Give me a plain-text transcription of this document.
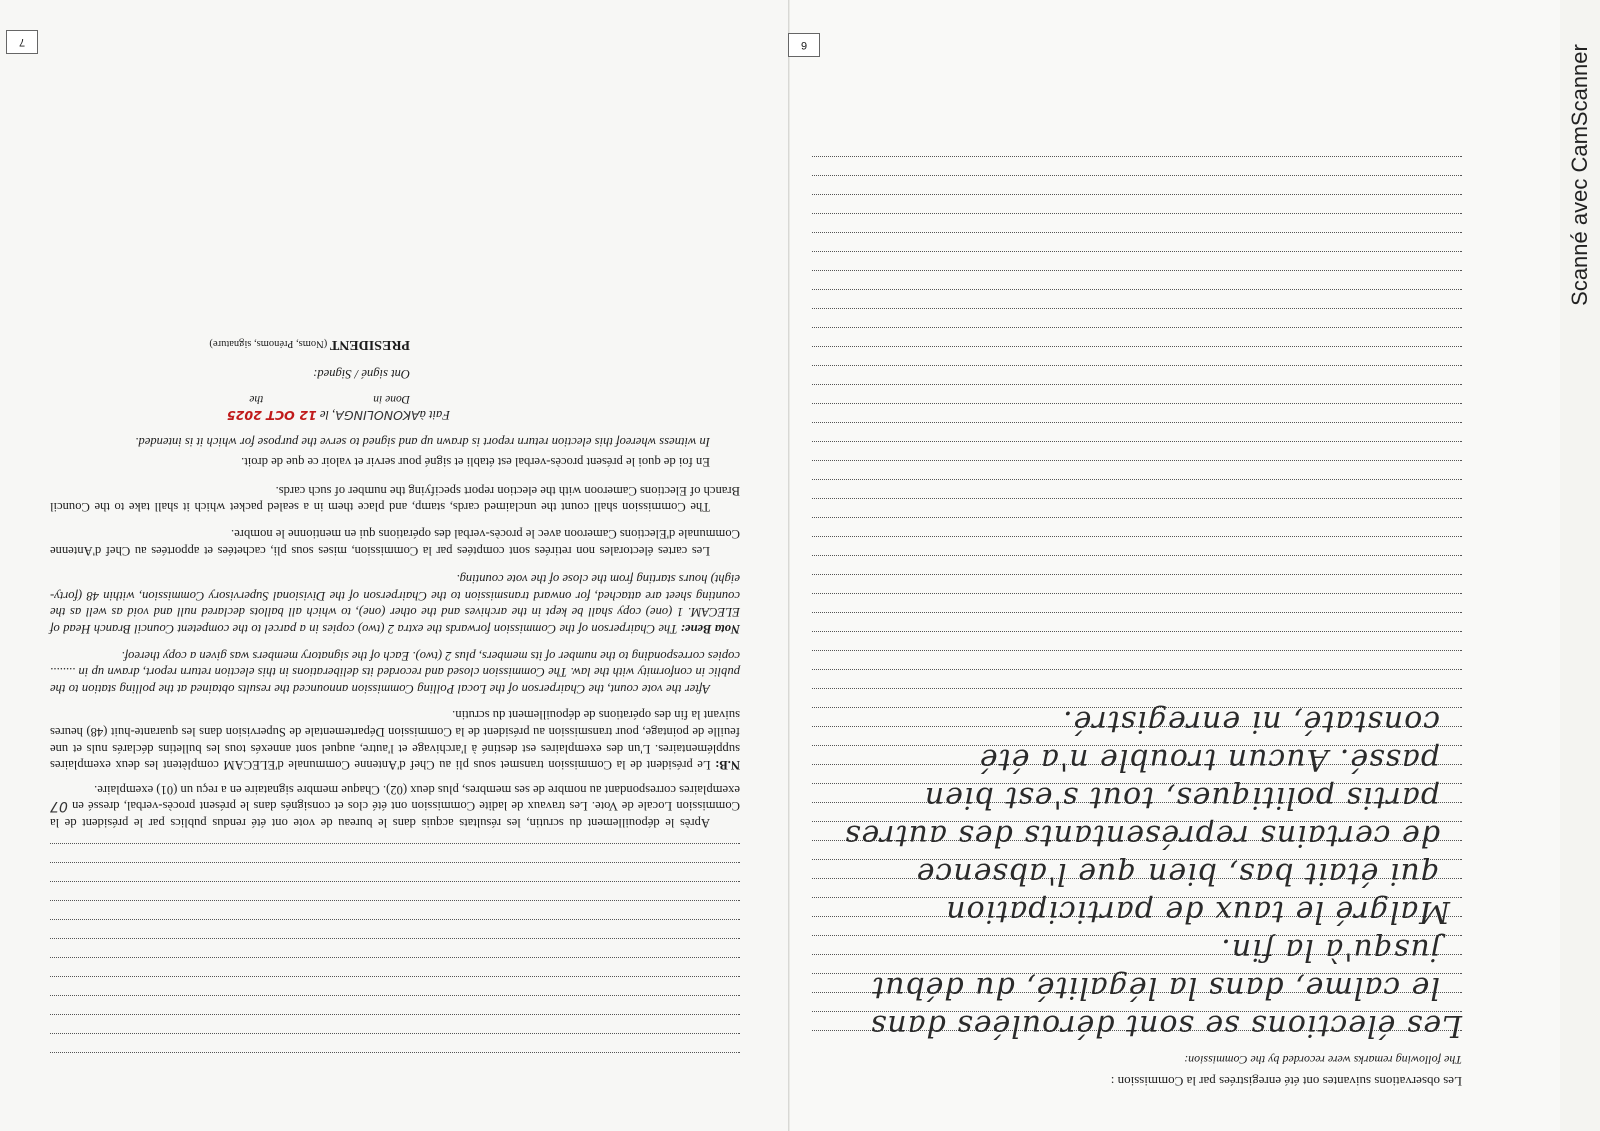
7

Après le dépouillement du scrutin, les résultats acquis dans le bureau de vote ont été rendus publics par le président de la Commission Locale de Vote. Les travaux de ladite Commission ont été clos et consignés dans le présent procès-verbal, dressé en 07 exemplaires correspondant au nombre de ses membres, plus deux (02). Chaque membre signataire en a reçu un (01) exemplaire.

N.B: Le président de la Commission transmet sous pli au Chef d'Antenne Communale d'ELECAM complètent les deux exemplaires supplémentaires. L'un des exemplaires est destiné à l'archivage et l'autre, auquel sont annexés tous les bulletins déclarés nuls et une feuille de pointage, pour transmission au président de la Commission Départementale de Supervision dans les quarante-huit (48) heures suivant la fin des opérations de dépouillement du scrutin.

After the vote count, the Chairperson of the Local Polling Commission announced the results obtained at the polling station to the public in conformity with the law. The Commission closed and recorded its deliberations in this election return report, drawn up in ........ copies corresponding to the number of its members, plus 2 (two). Each of the signatory members was given a copy thereof.

Nota Bene: The Chairperson of the Commission forwards the extra 2 (two) copies in a parcel to the competent Council Branch Head of ELECAM. 1 (one) copy shall be kept in the archives and the other (one), to which all ballots declared null and void as well as the counting sheet are attached, for onward transmission to the Chairperson of the Divisional Supervisory Commission, within 48 (forty-eight) hours starting from the close of the vote counting.

Les cartes électorales non retirées sont comptées par la Commission, mises sous pli, cachetées et apportées au Chef d'Antenne Communale d'Elections Cameroon avec le procès-verbal des opérations qui en mentionne le nombre.

The Commission shall count the unclaimed cards, stamp, and place them in a sealed packet which it shall take to the Council Branch of Elections Cameroon with the election report specifying the number of such cards.

En foi de quoi le présent procès-verbal est établi et signé pour servir et valoir ce que de droit.

In witness whereof this election return report is drawn up and signed to serve the purpose for which it is intended.

Fait àAKONOLINGA, le 12 OCT 2025
Done inthe
Ont signé / Signed:
PRESIDENT (Noms, Prénoms, signature)
6
Les observations suivantes ont été enregistrées par la Commission :
The following remarks were recorded by the Commission:
Les élections se sont déroulées dans
le calme, dans la légalité, du début
jusqu'à la fin.
Malgré le taux de participation
qui était bas, bien que l'absence
de certains représentants des autres
partis politiques, tout s'est bien
passé. Aucun trouble n'a été
constaté, ni enregistré.
Scanné avec CamScanner
